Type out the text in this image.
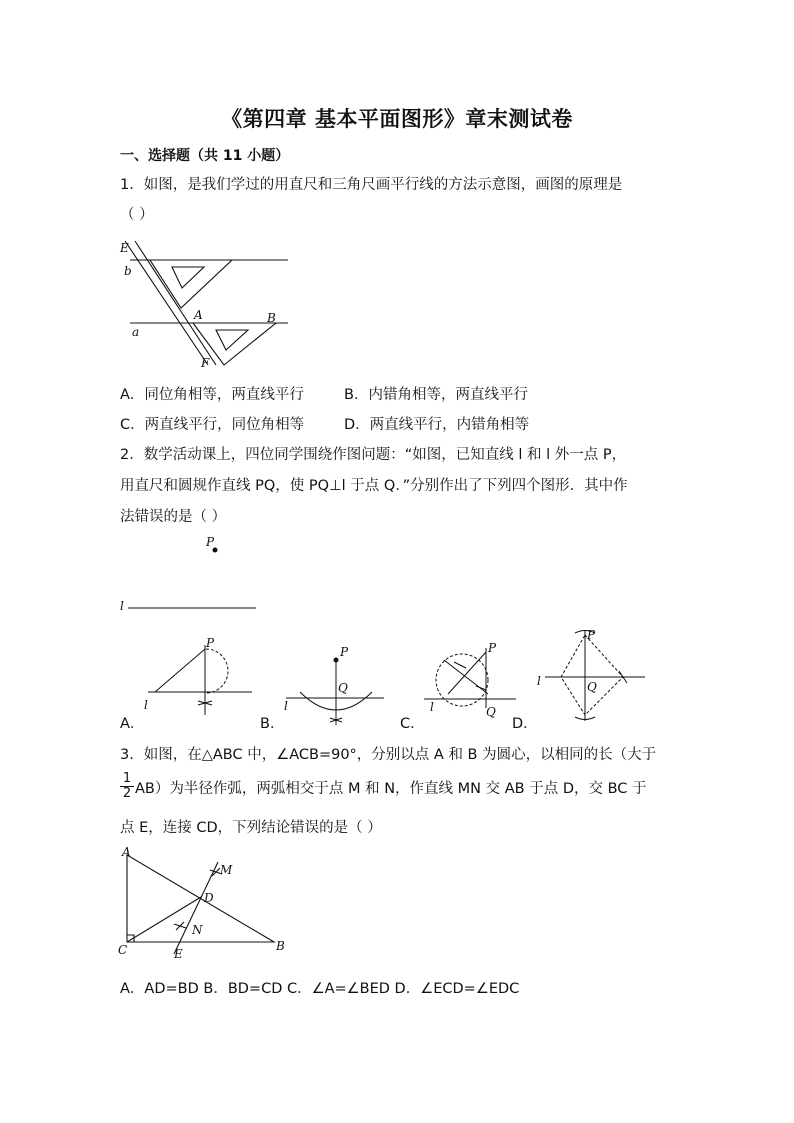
《第四章 基本平面图形》章末测试卷
一、选择题（共 11 小题）
1．如图，是我们学过的用直尺和三角尺画平行线的方法示意图，画图的原理是
（ ）
E
b
a
A	B
F
A．同位角相等，两直线平行	B．内错角相等，两直线平行
C．两直线平行，同位角相等	D．两直线平行，内错角相等
2．数学活动课上，四位同学围绕作图问题：“如图，已知直线 l 和 l 外一点 P，
用直尺和圆规作直线 PQ，使 PQ⊥l 于点 Q．”分别作出了下列四个图形．其中作
法错误的是（ ）
P
l
A．
P
l
B．
P
l
Q
C．
P
l	Q
D．
P
l	Q
3．如图，在△ABC 中，∠ACB=90°，分别以点 A 和 B 为圆心，以相同的长（大于
$\frac{1}{2} AB$）为半径作弧，两弧相交于点 M 和 N，作直线 MN 交 AB 于点 D，交 BC 于
点 E，连接 CD，下列结论错误的是（ ）
A
B
C
D
E
M
N
A．AD=BD B．BD=CD C．∠A=∠BED D．∠ECD=∠EDC
